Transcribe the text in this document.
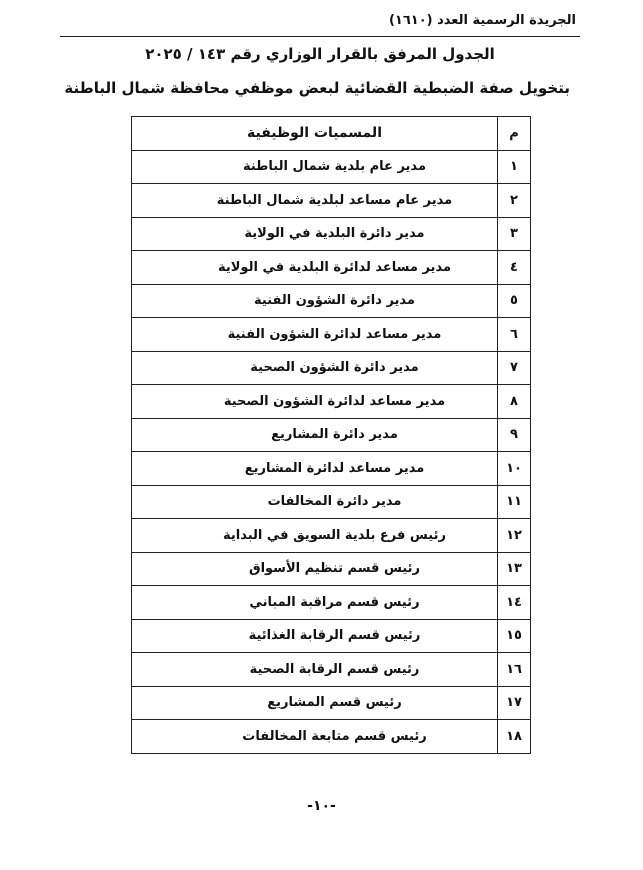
الجريدة الرسمية العدد (١٦١٠)

الجدول المرفق بالقرار الوزاري رقم ١٤٣ / ٢٠٢٥

بتخويل صفة الضبطية القضائية لبعض موظفي محافظة شمال الباطنة

م	المسميات الوظيفية
١	مدير عام بلدية شمال الباطنة
٢	مدير عام مساعد لبلدية شمال الباطنة
٣	مدير دائرة البلدية في الولاية
٤	مدير مساعد لدائرة البلدية في الولاية
٥	مدير دائرة الشؤون الفنية
٦	مدير مساعد لدائرة الشؤون الفنية
٧	مدير دائرة الشؤون الصحية
٨	مدير مساعد لدائرة الشؤون الصحية
٩	مدير دائرة المشاريع
١٠	مدير مساعد لدائرة المشاريع
١١	مدير دائرة المخالفات
١٢	رئيس فرع بلدية السويق في البداية
١٣	رئيس قسم تنظيم الأسواق
١٤	رئيس قسم مراقبة المباني
١٥	رئيس قسم الرقابة الغذائية
١٦	رئيس قسم الرقابة الصحية
١٧	رئيس قسم المشاريع
١٨	رئيس قسم متابعة المخالفات
-١٠-
